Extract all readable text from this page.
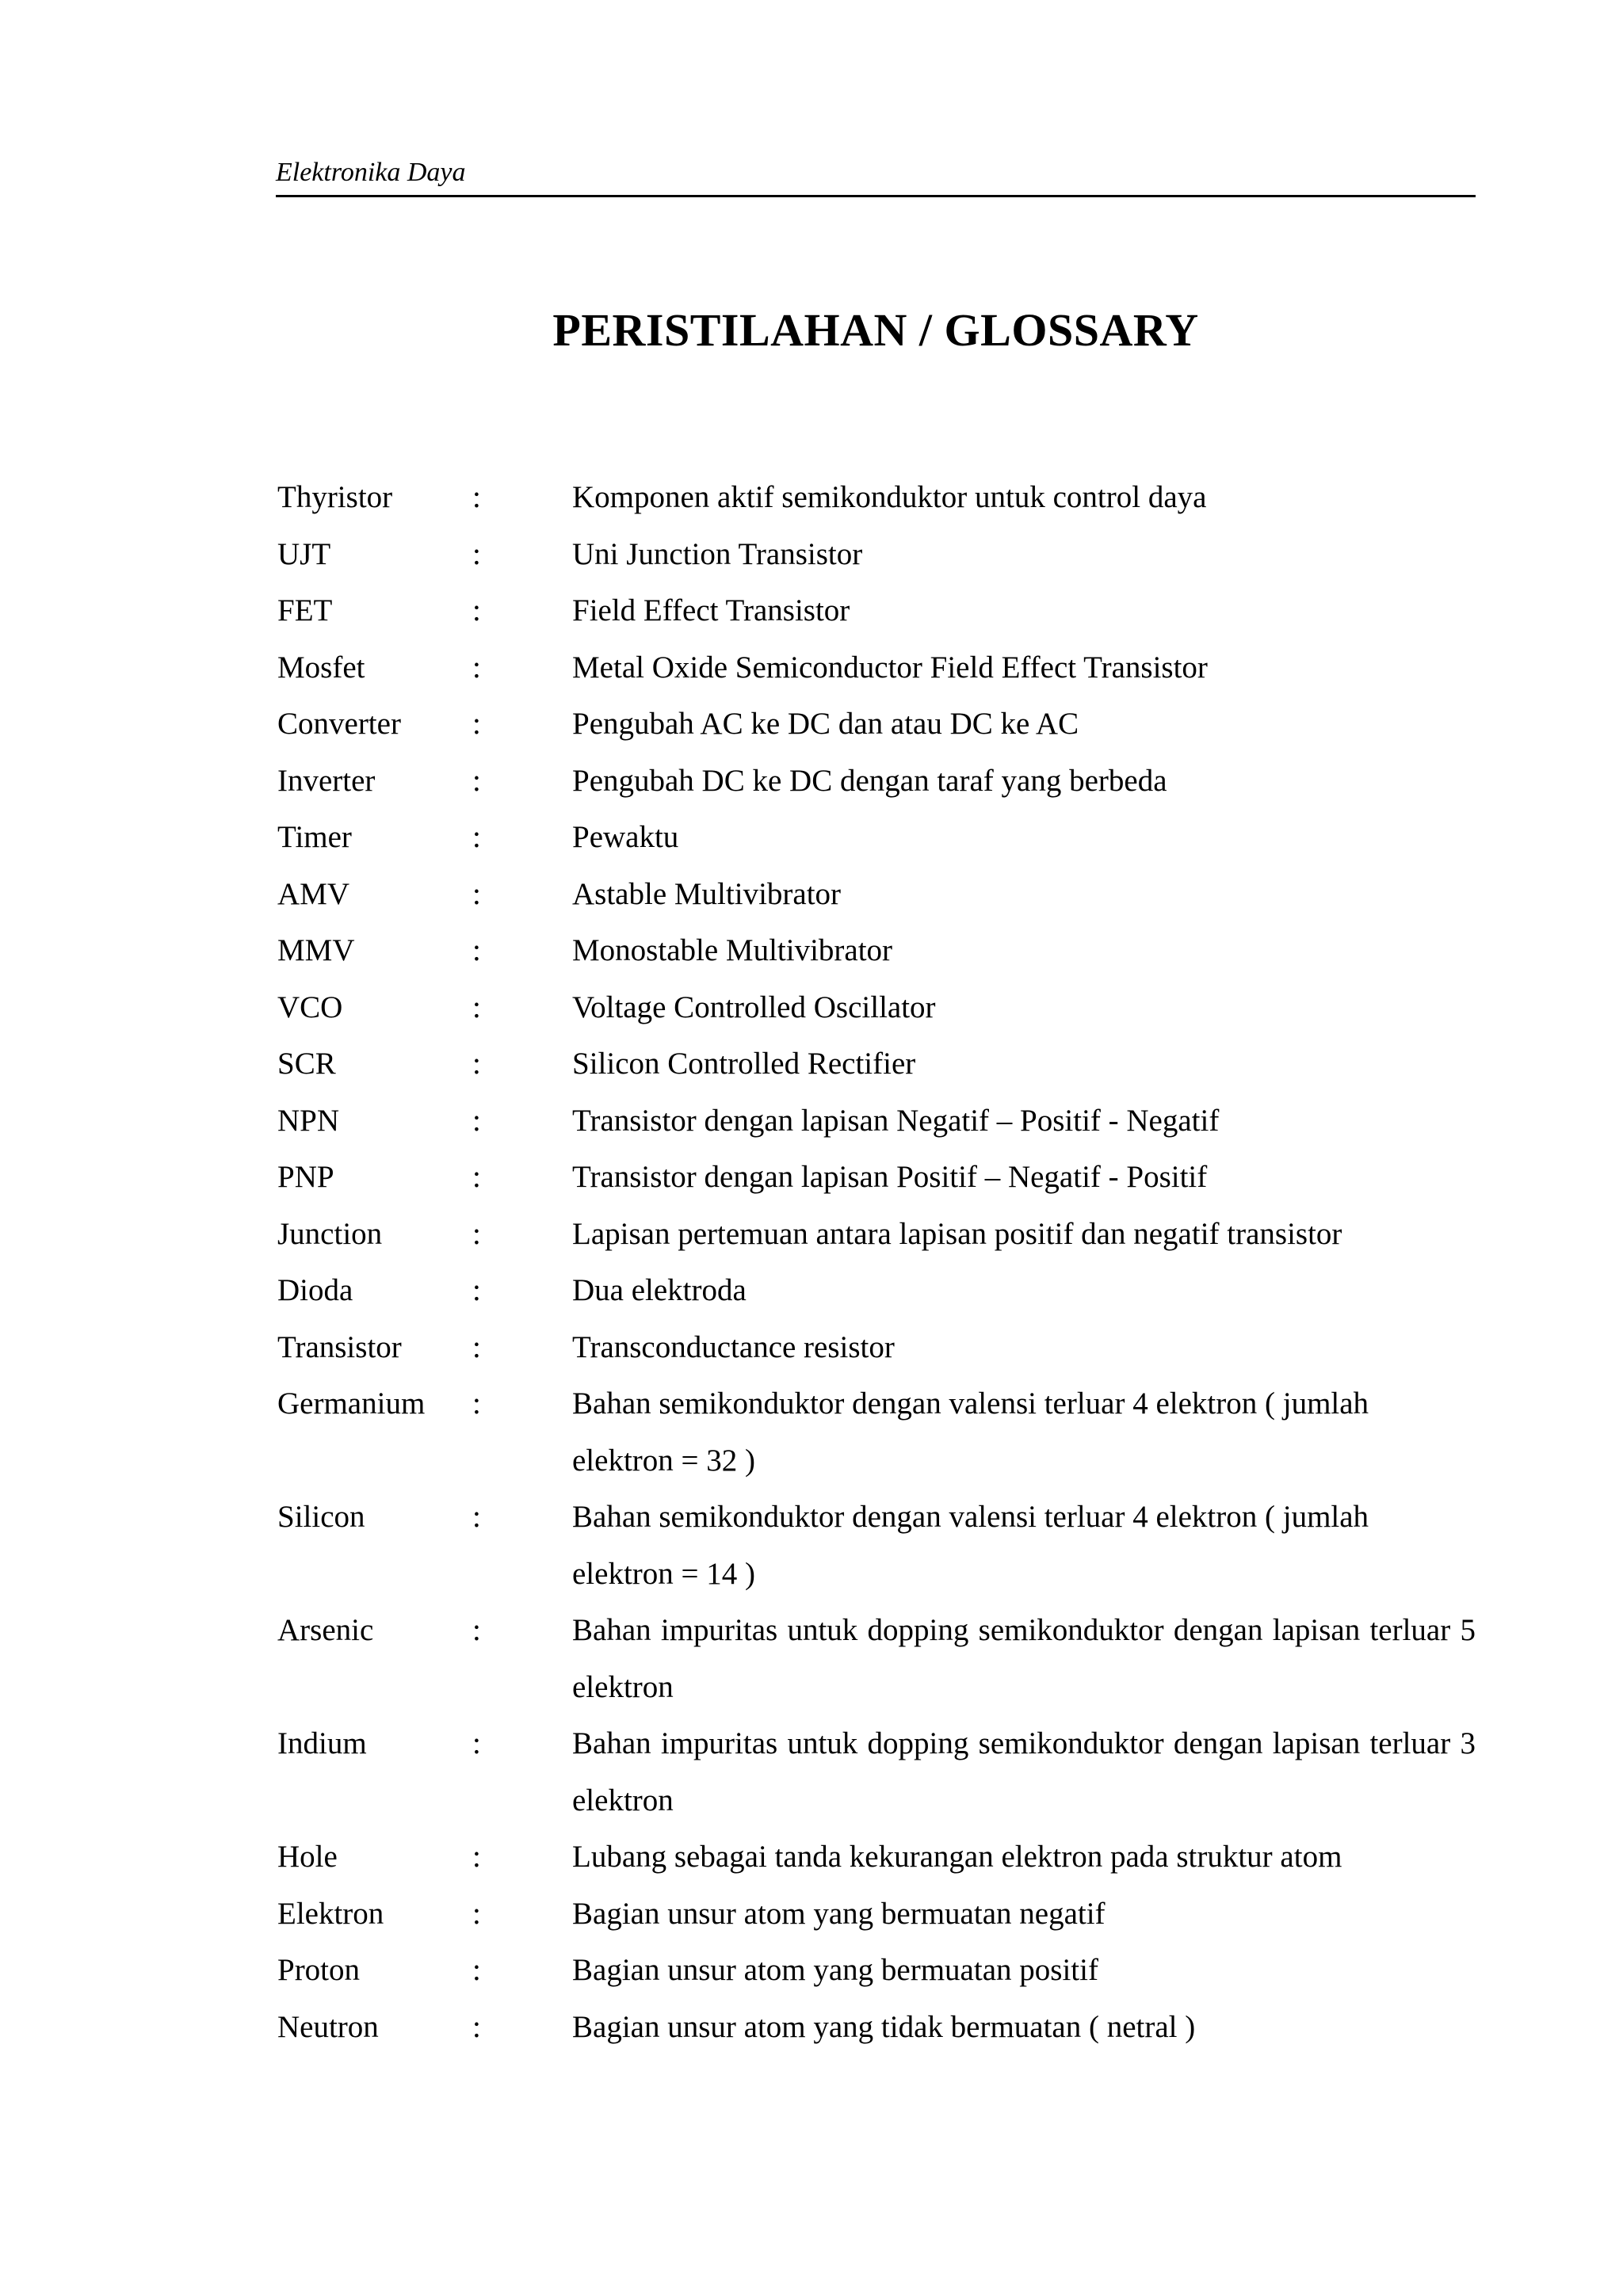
Elektronika Daya
PERISTILAHAN / GLOSSARY
Thyristor	:	Komponen aktif semikonduktor untuk control daya
UJT	:	Uni Junction Transistor
FET	:	Field Effect Transistor
Mosfet	:	Metal Oxide Semiconductor Field Effect Transistor
Converter :	Pengubah AC ke DC dan atau DC ke AC
Inverter	:	Pengubah DC ke DC dengan taraf yang berbeda
Timer	:	Pewaktu
AMV	:	Astable Multivibrator
MMV	:	Monostable Multivibrator
VCO	:	Voltage Controlled Oscillator
SCR	:	Silicon Controlled Rectifier
NPN	:	Transistor dengan lapisan Negatif – Positif - Negatif
PNP	:	Transistor dengan lapisan Positif – Negatif - Positif
Junction	:	Lapisan pertemuan antara lapisan positif dan negatif transistor
Dioda	:	Dua elektroda
Transistor :	Transconductance resistor
Germanium :	Bahan semikonduktor dengan valensi terluar 4 elektron ( jumlah elektron = 32 )
Silicon	:	Bahan semikonduktor dengan valensi terluar 4 elektron ( jumlah elektron = 14 )
Arsenic	:	Bahan impuritas untuk dopping semikonduktor dengan lapisan terluar 5 elektron
Indium	:	Bahan impuritas untuk dopping semikonduktor dengan lapisan terluar 3 elektron
Hole	:	Lubang sebagai tanda kekurangan elektron pada struktur atom
Elektron	:	Bagian unsur atom yang bermuatan negatif
Proton	:	Bagian unsur atom yang bermuatan positif
Neutron	:	Bagian unsur atom yang tidak bermuatan ( netral )
